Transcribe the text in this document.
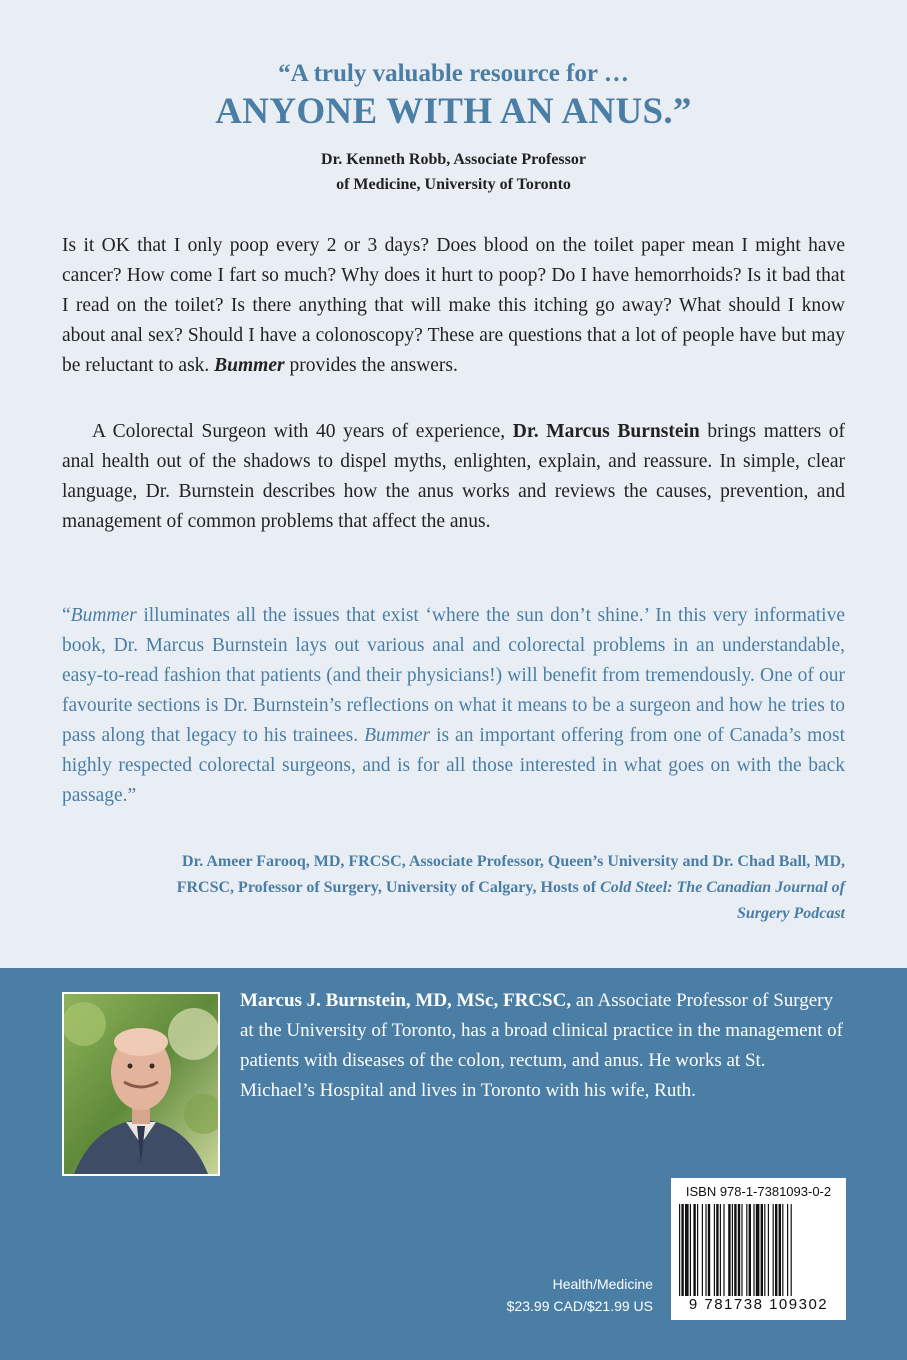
“A truly valuable resource for …
ANYONE WITH AN ANUS.”
Dr. Kenneth Robb, Associate Professor
of Medicine, University of Toronto

Is it OK that I only poop every 2 or 3 days? Does blood on the toilet paper mean I might have cancer? How come I fart so much? Why does it hurt to poop? Do I have hemorrhoids? Is it bad that I read on the toilet? Is there anything that will make this itching go away? What should I know about anal sex? Should I have a colonoscopy? These are questions that a lot of people have but may be reluctant to ask. Bummer provides the answers.

A Colorectal Surgeon with 40 years of experience, Dr. Marcus Burnstein brings matters of anal health out of the shadows to dispel myths, enlighten, explain, and reassure. In simple, clear language, Dr. Burnstein describes how the anus works and reviews the causes, prevention, and management of common problems that affect the anus.

“Bummer illuminates all the issues that exist ‘where the sun don’t shine.’ In this very informative book, Dr. Marcus Burnstein lays out various anal and colorectal problems in an understandable, easy-to-read fashion that patients (and their physicians!) will benefit from tremendously. One of our favourite sections is Dr. Burnstein’s reflections on what it means to be a surgeon and how he tries to pass along that legacy to his trainees. Bummer is an important offering from one of Canada’s most highly respected colorectal surgeons, and is for all those interested in what goes on with the back passage.”

Dr. Ameer Farooq, MD, FRCSC, Associate Professor, Queen’s University and Dr. Chad Ball, MD, FRCSC, Professor of Surgery, University of Calgary, Hosts of Cold Steel: The Canadian Journal of Surgery Podcast

Marcus J. Burnstein, MD, MSc, FRCSC, an Associate Professor of Surgery at the University of Toronto, has a broad clinical practice in the management of patients with diseases of the colon, rectum, and anus. He works at St. Michael’s Hospital and lives in Toronto with his wife, Ruth.

ISBN 978-1-7381093-0-2
9 781738 109302
Health/Medicine
$23.99 CAD/$21.99 US
